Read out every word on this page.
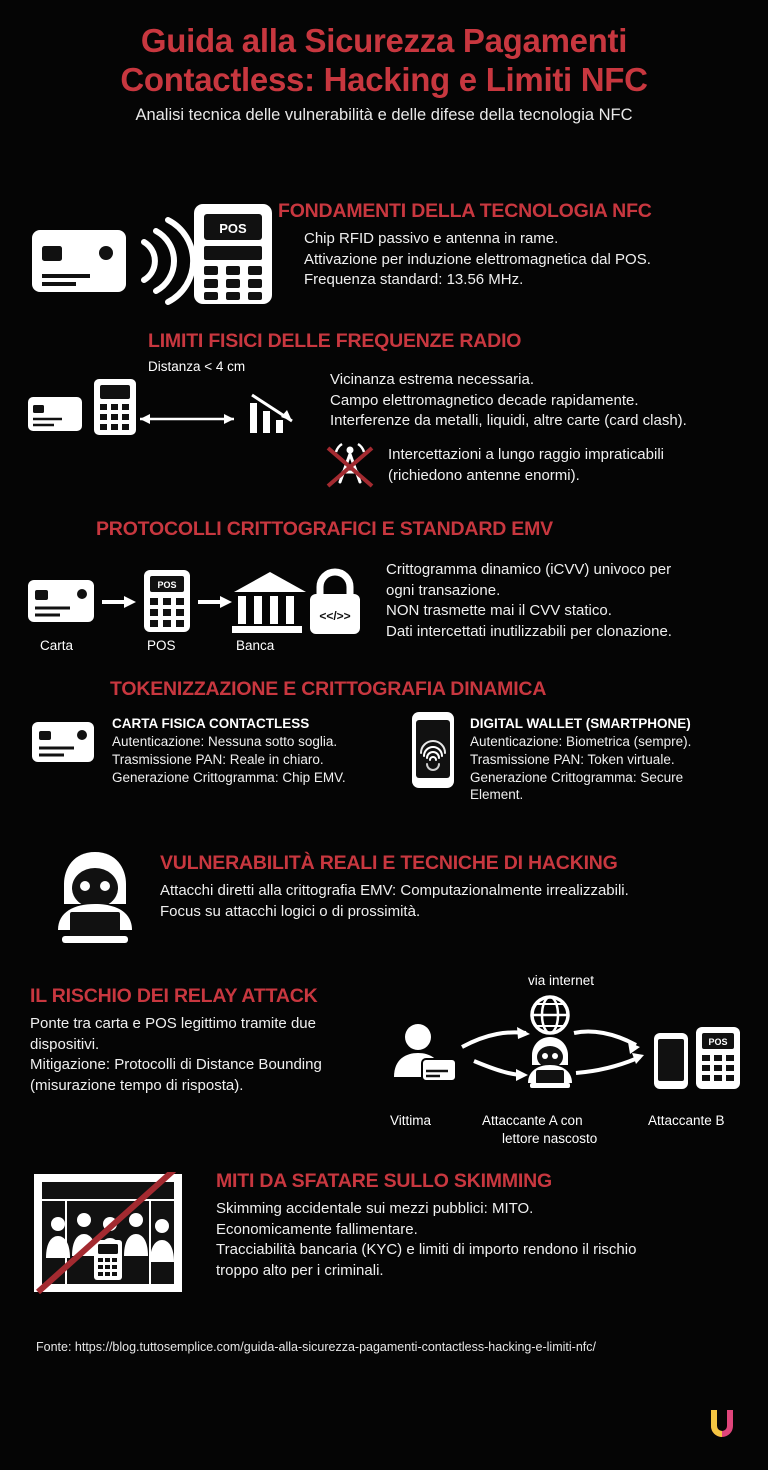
Guida alla Sicurezza Pagamenti
Contactless: Hacking e Limiti NFC
Analisi tecnica delle vulnerabilità e delle difese della tecnologia NFC
POS
FONDAMENTI DELLA TECNOLOGIA NFC
Chip RFID passivo e antenna in rame.
Attivazione per induzione elettromagnetica dal POS.
Frequenza standard: 13.56 MHz.
LIMITI FISICI DELLE FREQUENZE RADIO
Distanza < 4 cm
Vicinanza estrema necessaria.
Campo elettromagnetico decade rapidamente.
Interferenze da metalli, liquidi, altre carte (card clash).
Intercettazioni a lungo raggio impraticabili
(richiedono antenne enormi).
PROTOCOLLI CRITTOGRAFICI E STANDARD EMV
POS
Carta	POS	Banca
<</>>
Crittogramma dinamico (iCVV) univoco per
ogni transazione.
NON trasmette mai il CVV statico.
Dati intercettati inutilizzabili per clonazione.
TOKENIZZAZIONE E CRITTOGRAFIA DINAMICA
CARTA FISICA CONTACTLESS
Autenticazione: Nessuna sotto soglia.
Trasmissione PAN: Reale in chiaro.
Generazione Crittogramma: Chip EMV.
DIGITAL WALLET (SMARTPHONE)
Autenticazione: Biometrica (sempre).
Trasmissione PAN: Token virtuale.
Generazione Crittogramma: Secure
Element.
VULNERABILITÀ REALI E TECNICHE DI HACKING
Attacchi diretti alla crittografia EMV: Computazionalmente irrealizzabili.
Focus su attacchi logici o di prossimità.
IL RISCHIO DEI RELAY ATTACK
Ponte tra carta e POS legittimo tramite due
dispositivi.
Mitigazione: Protocolli di Distance Bounding
(misurazione tempo di risposta).
POS
via internet
Vittima	Attaccante A con
lettore nascosto
Attaccante B
MITI DA SFATARE SULLO SKIMMING
Skimming accidentale sui mezzi pubblici: MITO.
Economicamente fallimentare.
Tracciabilità bancaria (KYC) e limiti di importo rendono il rischio
troppo alto per i criminali.
Fonte: https://blog.tuttosemplice.com/guida-alla-sicurezza-pagamenti-contactless-hacking-e-limiti-nfc/
